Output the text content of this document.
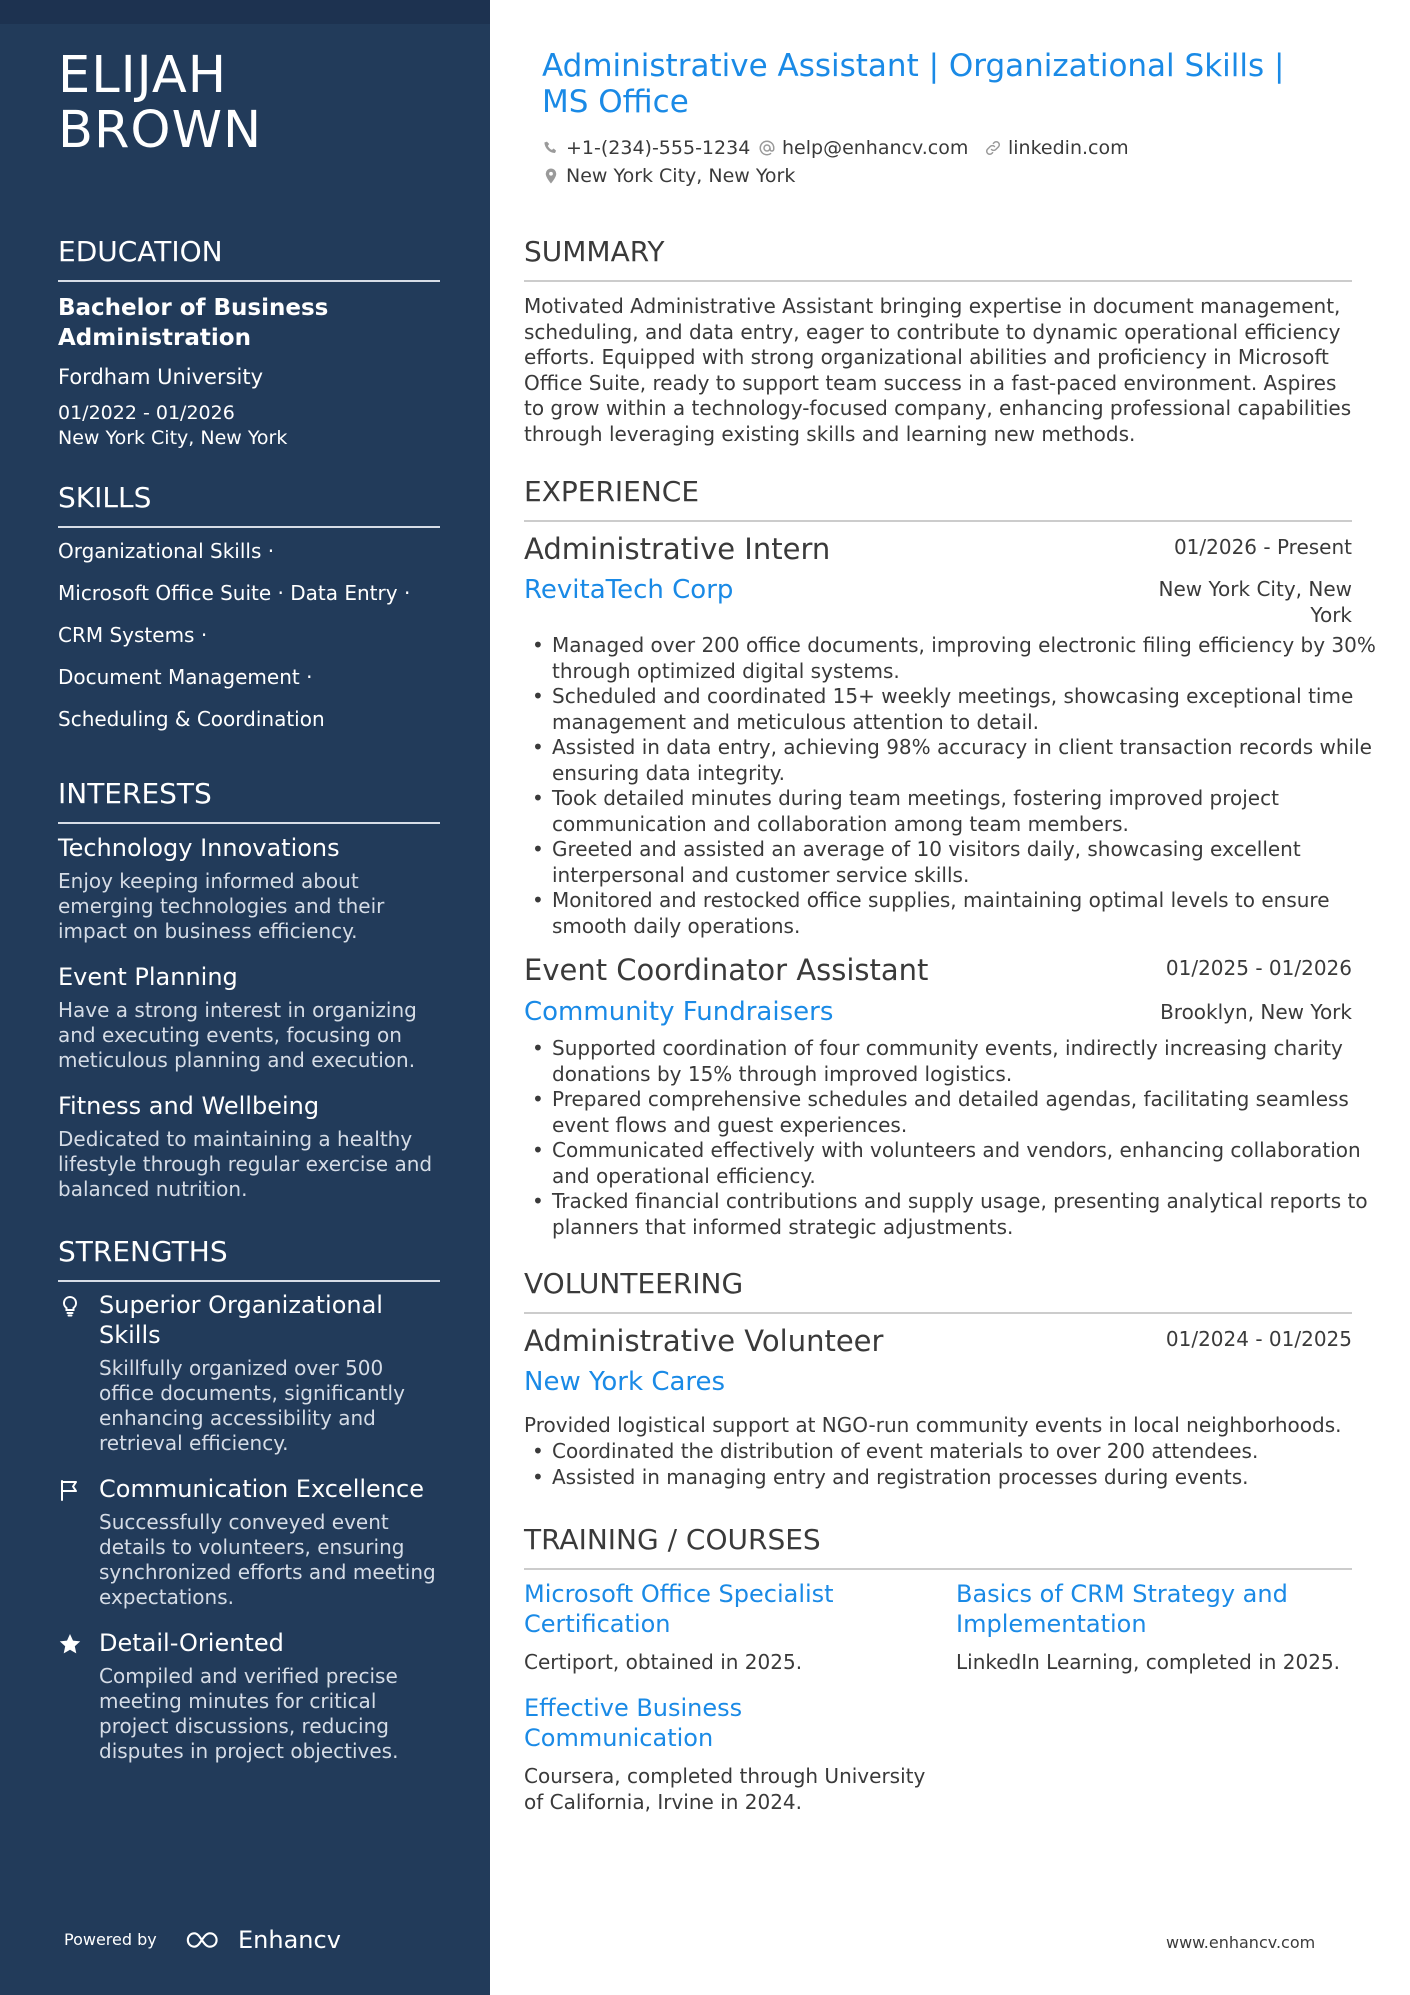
ELIJAH
BROWN
EDUCATION
Bachelor of Business Administration
Fordham University
01/2022 - 01/2026
New York City, New York
SKILLS
Organizational Skills ·
Microsoft Office Suite · Data Entry ·
CRM Systems ·
Document Management ·
Scheduling & Coordination
INTERESTS
Technology Innovations
Enjoy keeping informed about emerging technologies and their impact on business efficiency.
Event Planning
Have a strong interest in organizing and executing events, focusing on meticulous planning and execution.
Fitness and Wellbeing
Dedicated to maintaining a healthy lifestyle through regular exercise and balanced nutrition.
STRENGTHS
Superior Organizational Skills
Skillfully organized over 500 office documents, significantly enhancing accessibility and retrieval efficiency.
Communication Excellence
Successfully conveyed event details to volunteers, ensuring synchronized efforts and meeting expectations.
Detail-Oriented
Compiled and verified precise meeting minutes for critical project discussions, reducing disputes in project objectives.
Powered by	Enhancv
Administrative Assistant | Organizational Skills | MS Office
+1-(234)-555-1234 help@enhancv.com linkedin.com
New York City, New York
SUMMARY
Motivated Administrative Assistant bringing expertise in document management, scheduling, and data entry, eager to contribute to dynamic operational efficiency efforts. Equipped with strong organizational abilities and proficiency in Microsoft Office Suite, ready to support team success in a fast-paced environment. Aspires to grow within a technology-focused company, enhancing professional capabilities through leveraging existing skills and learning new methods.
EXPERIENCE
Administrative Intern	01/2026 - Present
RevitaTech Corp	New York City, New York
• Managed over 200 office documents, improving electronic filing efficiency by 30% through optimized digital systems.
• Scheduled and coordinated 15+ weekly meetings, showcasing exceptional time management and meticulous attention to detail.
• Assisted in data entry, achieving 98% accuracy in client transaction records while ensuring data integrity.
• Took detailed minutes during team meetings, fostering improved project communication and collaboration among team members.
• Greeted and assisted an average of 10 visitors daily, showcasing excellent interpersonal and customer service skills.
• Monitored and restocked office supplies, maintaining optimal levels to ensure smooth daily operations.
Event Coordinator Assistant	01/2025 - 01/2026
Community Fundraisers	Brooklyn, New York
• Supported coordination of four community events, indirectly increasing charity donations by 15% through improved logistics.
• Prepared comprehensive schedules and detailed agendas, facilitating seamless event flows and guest experiences.
• Communicated effectively with volunteers and vendors, enhancing collaboration and operational efficiency.
• Tracked financial contributions and supply usage, presenting analytical reports to planners that informed strategic adjustments.
VOLUNTEERING
Administrative Volunteer	01/2024 - 01/2025
New York Cares
Provided logistical support at NGO-run community events in local neighborhoods.
• Coordinated the distribution of event materials to over 200 attendees.
• Assisted in managing entry and registration processes during events.
TRAINING / COURSES
Microsoft Office Specialist Certification
Certiport, obtained in 2025.
Basics of CRM Strategy and Implementation
LinkedIn Learning, completed in 2025.
Effective Business Communication
Coursera, completed through University of California, Irvine in 2024.
www.enhancv.com
